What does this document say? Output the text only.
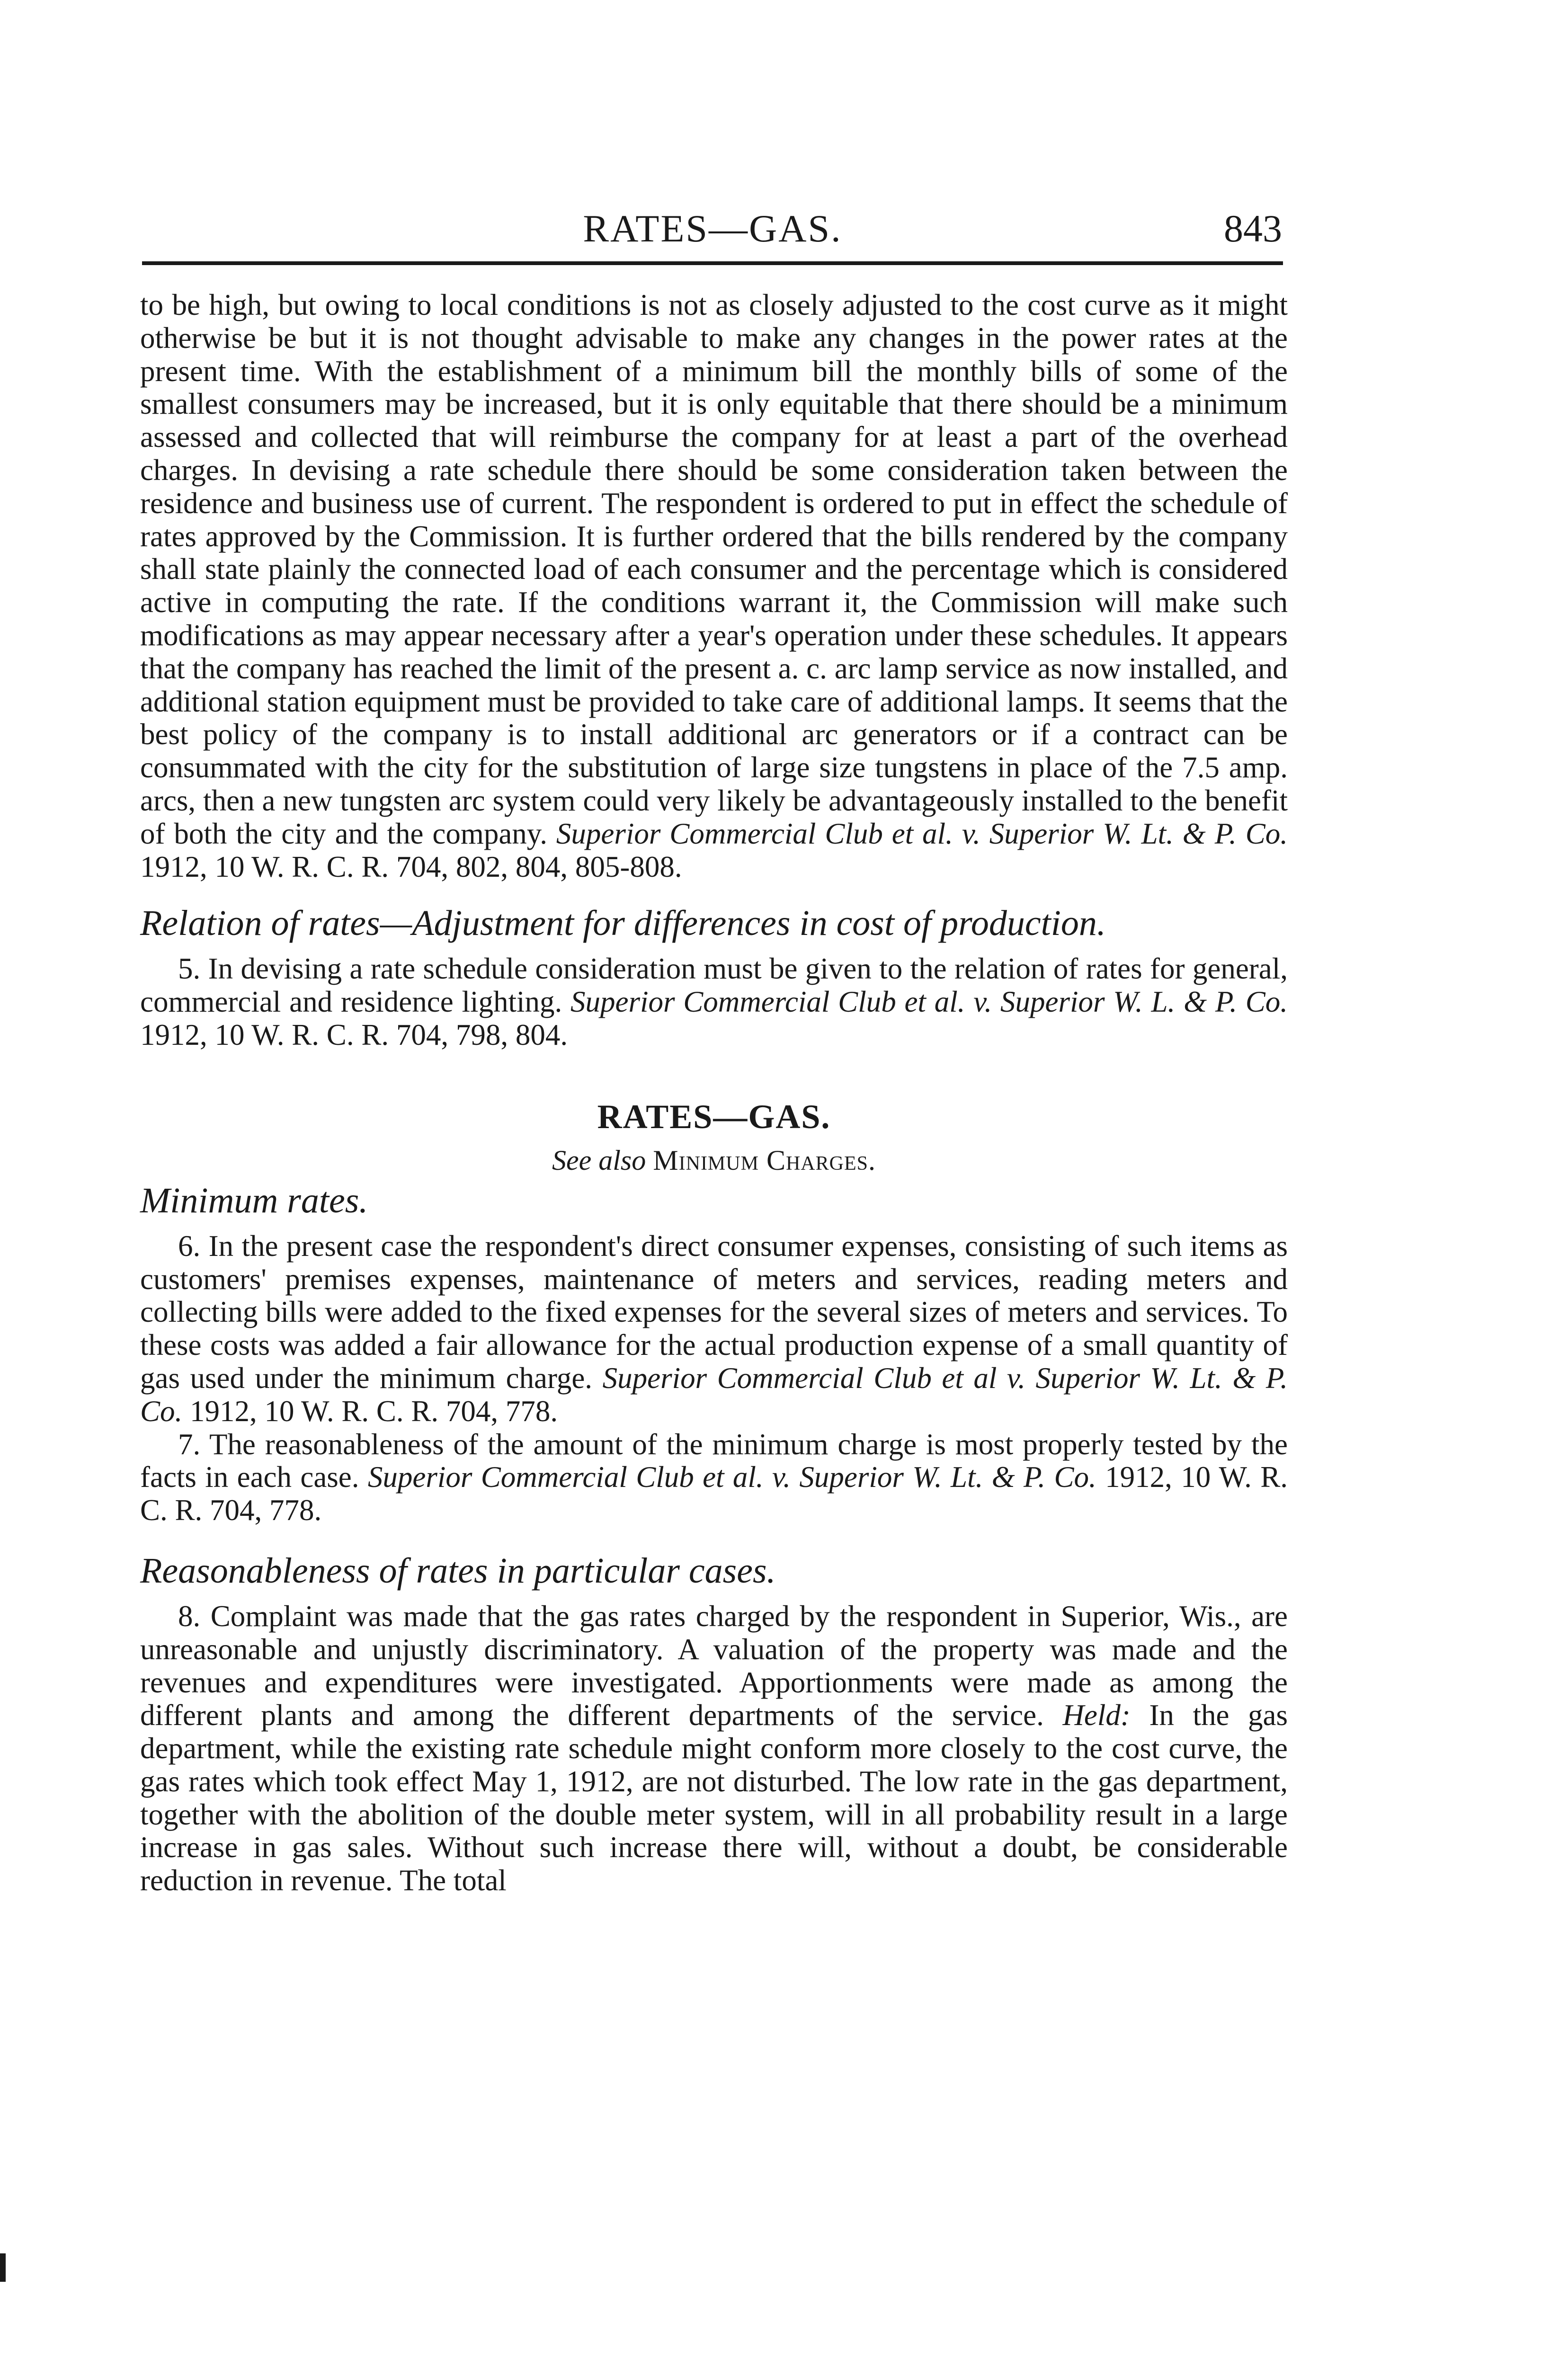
RATES—GAS.	843

to be high, but owing to local conditions is not as closely adjusted to the cost curve as it might otherwise be but it is not thought advisable to make any changes in the power rates at the present time. With the establishment of a minimum bill the monthly bills of some of the smallest consumers may be increased, but it is only equitable that there should be a minimum assessed and collected that will reimburse the company for at least a part of the overhead charges. In devising a rate schedule there should be some consideration taken between the residence and business use of current. The respondent is ordered to put in effect the schedule of rates approved by the Commission. It is further ordered that the bills rendered by the company shall state plainly the connected load of each consumer and the percentage which is considered active in computing the rate. If the conditions warrant it, the Commission will make such modifications as may appear necessary after a year's operation under these schedules. It appears that the company has reached the limit of the present a. c. arc lamp service as now installed, and additional station equipment must be provided to take care of additional lamps. It seems that the best policy of the company is to install additional arc generators or if a contract can be consummated with the city for the substitution of large size tungstens in place of the 7.5 amp. arcs, then a new tungsten arc system could very likely be advantageously installed to the benefit of both the city and the company. Superior Commercial Club et al. v. Superior W. Lt. & P. Co. 1912, 10 W. R. C. R. 704, 802, 804, 805-808.

Relation of rates—Adjustment for differences in cost of production.

5. In devising a rate schedule consideration must be given to the relation of rates for general, commercial and residence lighting. Superior Commercial Club et al. v. Superior W. L. & P. Co. 1912, 10 W. R. C. R. 704, 798, 804.

RATES—GAS.

See also Minimum Charges.

Minimum rates.

6. In the present case the respondent's direct consumer expenses, consisting of such items as customers' premises expenses, maintenance of meters and services, reading meters and collecting bills were added to the fixed expenses for the several sizes of meters and services. To these costs was added a fair allowance for the actual production expense of a small quantity of gas used under the minimum charge. Superior Commercial Club et al v. Superior W. Lt. & P. Co. 1912, 10 W. R. C. R. 704, 778.

7. The reasonableness of the amount of the minimum charge is most properly tested by the facts in each case. Superior Commercial Club et al. v. Superior W. Lt. & P. Co. 1912, 10 W. R. C. R. 704, 778.

Reasonableness of rates in particular cases.

8. Complaint was made that the gas rates charged by the respondent in Superior, Wis., are unreasonable and unjustly discriminatory. A valuation of the property was made and the revenues and expenditures were investigated. Apportionments were made as among the different plants and among the different departments of the service. Held: In the gas department, while the existing rate schedule might conform more closely to the cost curve, the gas rates which took effect May 1, 1912, are not disturbed. The low rate in the gas department, together with the abolition of the double meter system, will in all probability result in a large increase in gas sales. Without such increase there will, without a doubt, be considerable reduction in revenue. The total
